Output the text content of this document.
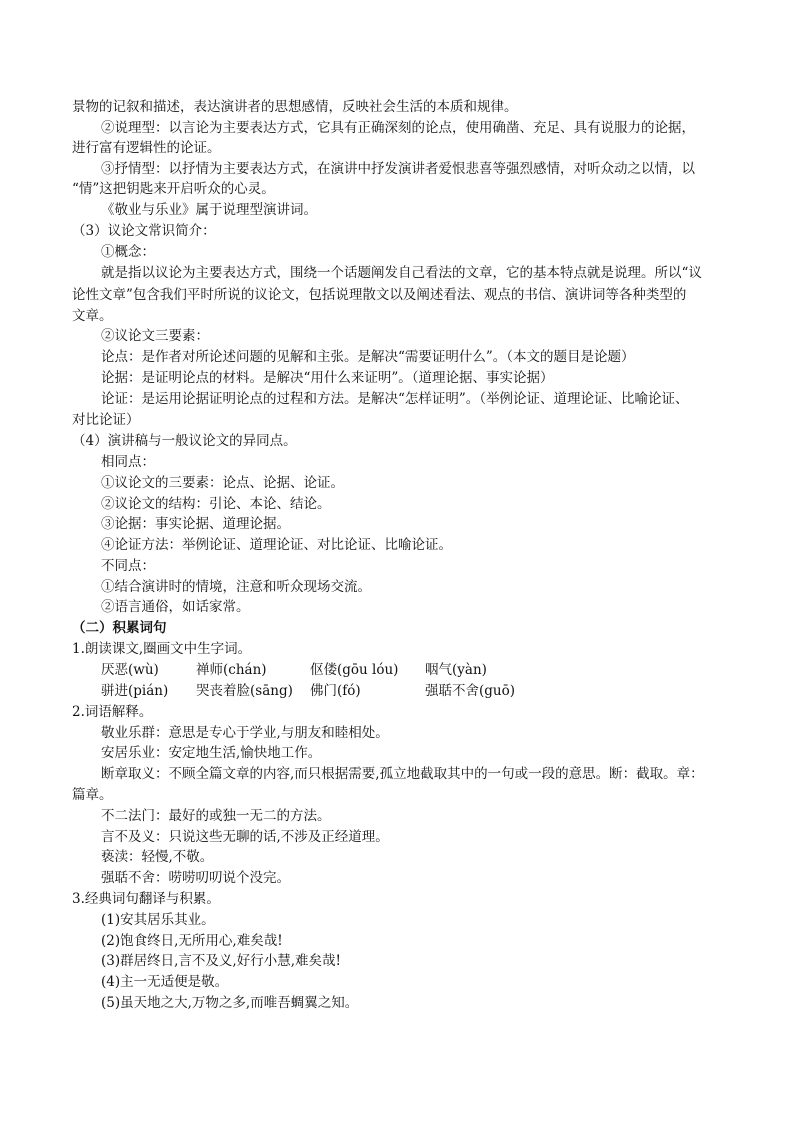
景物的记叙和描述，表达演讲者的思想感情，反映社会生活的本质和规律。
②说理型：以言论为主要表达方式，它具有正确深刻的论点，使用确凿、充足、具有说服力的论据，
进行富有逻辑性的论证。
③抒情型：以抒情为主要表达方式，在演讲中抒发演讲者爱恨悲喜等强烈感情，对听众动之以情，以
“情”这把钥匙来开启听众的心灵。
《敬业与乐业》属于说理型演讲词。
（3）议论文常识简介：
①概念：
就是指以议论为主要表达方式，围绕一个话题阐发自己看法的文章，它的基本特点就是说理。所以“议
论性文章”包含我们平时所说的议论文，包括说理散文以及阐述看法、观点的书信、演讲词等各种类型的
文章。
②议论文三要素：
论点：是作者对所论述问题的见解和主张。是解决“需要证明什么”。（本文的题目是论题）
论据：是证明论点的材料。是解决“用什么来证明”。（道理论据、事实论据）
论证：是运用论据证明论点的过程和方法。是解决“怎样证明”。（举例论证、道理论证、比喻论证、
对比论证）
（4）演讲稿与一般议论文的异同点。
相同点：
①议论文的三要素：论点、论据、论证。
②议论文的结构：引论、本论、结论。
③论据：事实论据、道理论据。
④论证方法：举例论证、道理论证、对比论证、比喻论证。
不同点：
①结合演讲时的情境，注意和听众现场交流。
②语言通俗，如话家常。
（二）积累词句
1.朗读课文,圈画文中生字词。
厌恶(wù)	禅师(chán)	伛偻(gōu lóu) 咽气(yàn)
骈进(pián) 哭丧着脸(sāng) 佛门(fó)	强聒不舍(guō)
2.词语解释。
敬业乐群：意思是专心于学业,与朋友和睦相处。
安居乐业：安定地生活,愉快地工作。
断章取义：不顾全篇文章的内容,而只根据需要,孤立地截取其中的一句或一段的意思。断：截取。章：
篇章。
不二法门：最好的或独一无二的方法。
言不及义：只说这些无聊的话,不涉及正经道理。
亵渎：轻慢,不敬。
强聒不舍：唠唠叨叨说个没完。
3.经典词句翻译与积累。
(1)安其居乐其业。
(2)饱食终日,无所用心,难矣哉!
(3)群居终日,言不及义,好行小慧,难矣哉!
(4)主一无适便是敬。
(5)虽天地之大,万物之多,而唯吾蜩翼之知。
